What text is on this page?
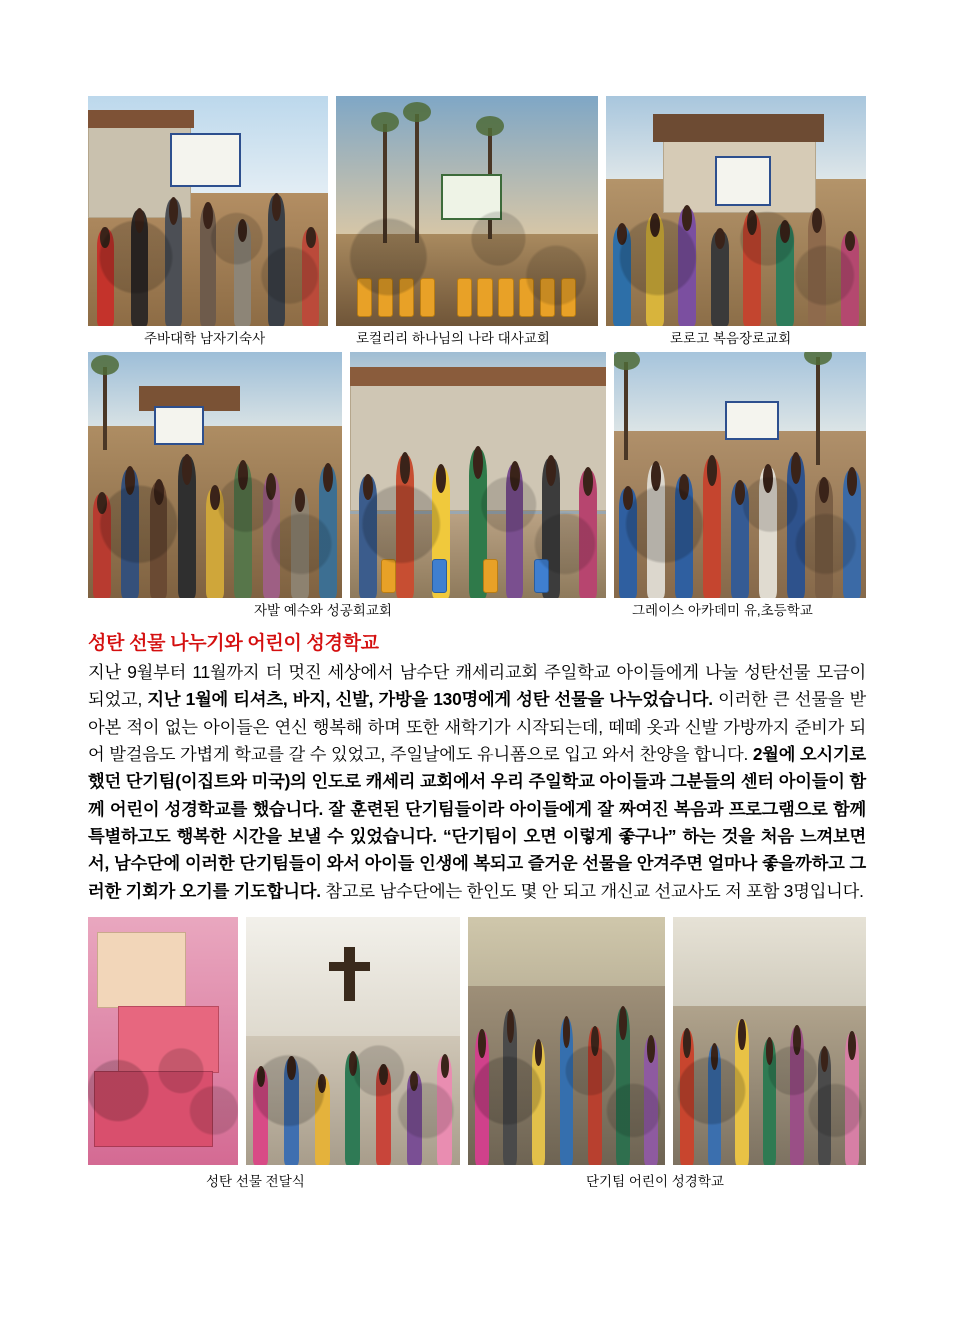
주바대학 남자기숙사	로컬리리 하나님의 나라 대사교회	로로고 복음장로교회
자발 예수와 성공회교회	그레이스 아카데미 유,초등학교
성탄 선물 나누기와 어린이 성경학교
지난 9월부터 11월까지 더 멋진 세상에서 남수단 캐세리교회 주일학교 아이들에게 나눌 성탄선물 모금이 되었고, 지난 1월에 티셔츠, 바지, 신발, 가방을 130명에게 성탄 선물을 나누었습니다. 이러한 큰 선물을 받아본 적이 없는 아이들은 연신 행복해 하며 또한 새학기가 시작되는데, 떼떼 옷과 신발 가방까지 준비가 되어 발걸음도 가볍게 학교를 갈 수 있었고, 주일날에도 유니폼으로 입고 와서 찬양을 합니다. 2월에 오시기로 했던 단기팀(이집트와 미국)의 인도로 캐세리 교회에서 우리 주일학교 아이들과 그분들의 센터 아이들이 함께 어린이 성경학교를 했습니다. 잘 훈련된 단기팀들이라 아이들에게 잘 짜여진 복음과 프로그램으로 함께 특별하고도 행복한 시간을 보낼 수 있었습니다. “단기팀이 오면 이렇게 좋구나” 하는 것을 처음 느껴보면서, 남수단에 이러한 단기팀들이 와서 아이들 인생에 복되고 즐거운 선물을 안겨주면 얼마나 좋을까하고 그러한 기회가 오기를 기도합니다. 참고로 남수단에는 한인도 몇 안 되고 개신교 선교사도 저 포함 3명입니다.
성탄 선물 전달식	단기팀 어린이 성경학교
